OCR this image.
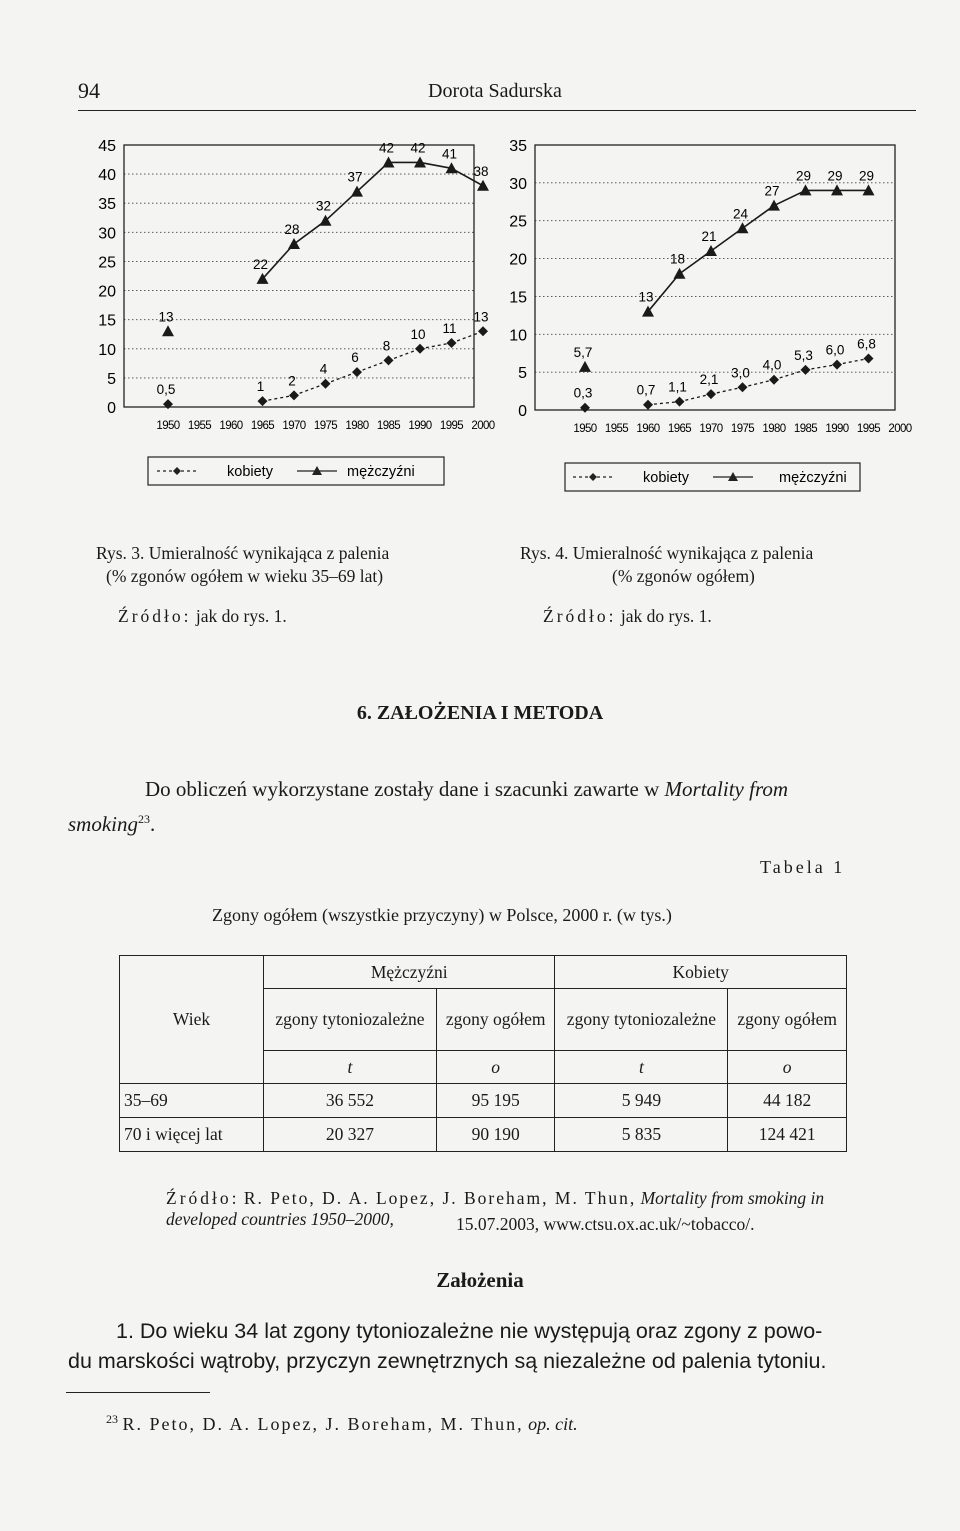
94	Dorota Sadurska
45
40
35
30
25
20
15
10
5
0
1950 1955 1960 1965 1970 1975 1980 1985 1990 1995 2000
0,5	1 2
4
6
8
10 11
13
13
22
28
32
37
42 42 41
38
kobiety	mężczyźni
35
30
25
20
15
10
5
0
1950 1955 1960 1965 1970 1975 1980 1985 1990 1995 2000
0,3	0,7 1,1
2,1 3,0
4,0
5,3 6,0 6,8
5,7
13
18
21
24
27
29 29 29
kobiety	mężczyźni
Rys. 3. Umieralność wynikająca z palenia
(% zgonów ogółem w wieku 35–69 lat)
Źródło: jak do rys. 1.
Rys. 4. Umieralność wynikająca z palenia
(% zgonów ogółem)
Źródło: jak do rys. 1.
6. ZAŁOŻENIA I METODA
Do obliczeń wykorzystane zostały dane i szacunki zawarte w Mortality from
smoking$^{23}$.
Tabela 1
Zgony ogółem (wszystkie przyczyny) w Polsce, 2000 r. (w tys.)
Wiek	Mężczyźni		Kobiety	
	zgony tytoniozależne	zgony ogółem	zgony tytoniozależne	zgony ogółem
	t	o	t	o
35–69	36 552	95 195	5 949	44 182
70 i więcej lat	20 327	90 190	5 835	124 421
Źródło: R. Peto, D. A. Lopez, J. Boreham, M. Thun, Mortality from smoking in developed countries 1950–2000,	15.07.2003, www.ctsu.ox.ac.uk/~tobacco/.
Założenia
1. Do wieku 34 lat zgony tytoniozależne nie występują oraz zgony z powo-
du marskości wątroby, przyczyn zewnętrznych są niezależne od palenia tytoniu.
$^{23}$ R. Peto, D. A. Lopez, J. Boreham, M. Thun, op. cit.
